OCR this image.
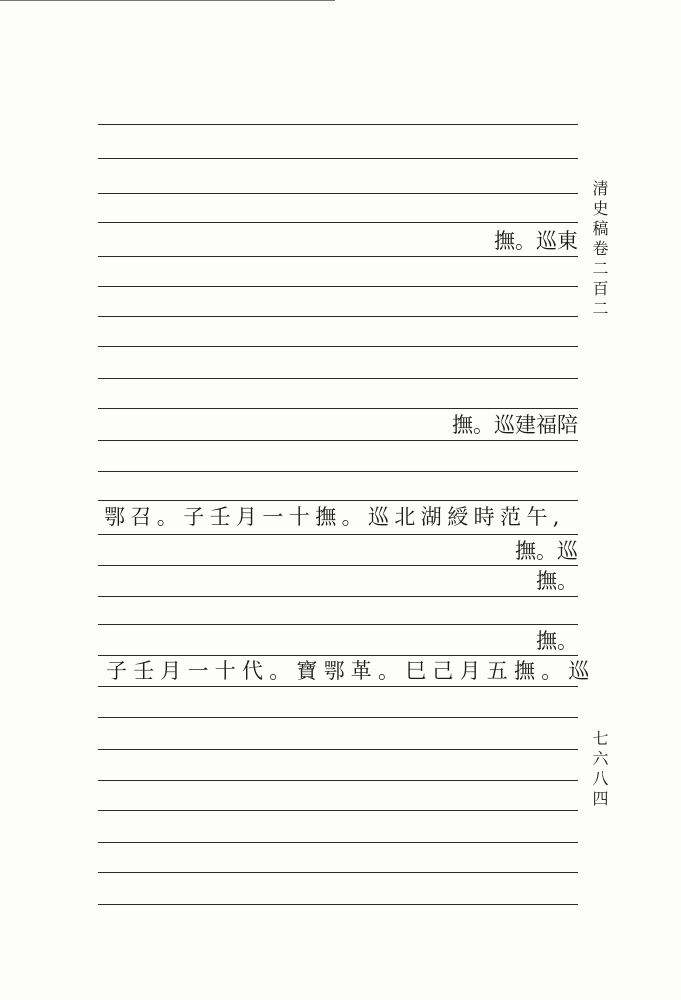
撫。巡東
撫。巡建福陪
鄂召。子壬月一十撫。巡北湖綬時范午,
撫。巡
撫。
撫。
子壬月一十代。寶鄂革。巳己月五撫。巡
清史稿卷二百二
七六八四
